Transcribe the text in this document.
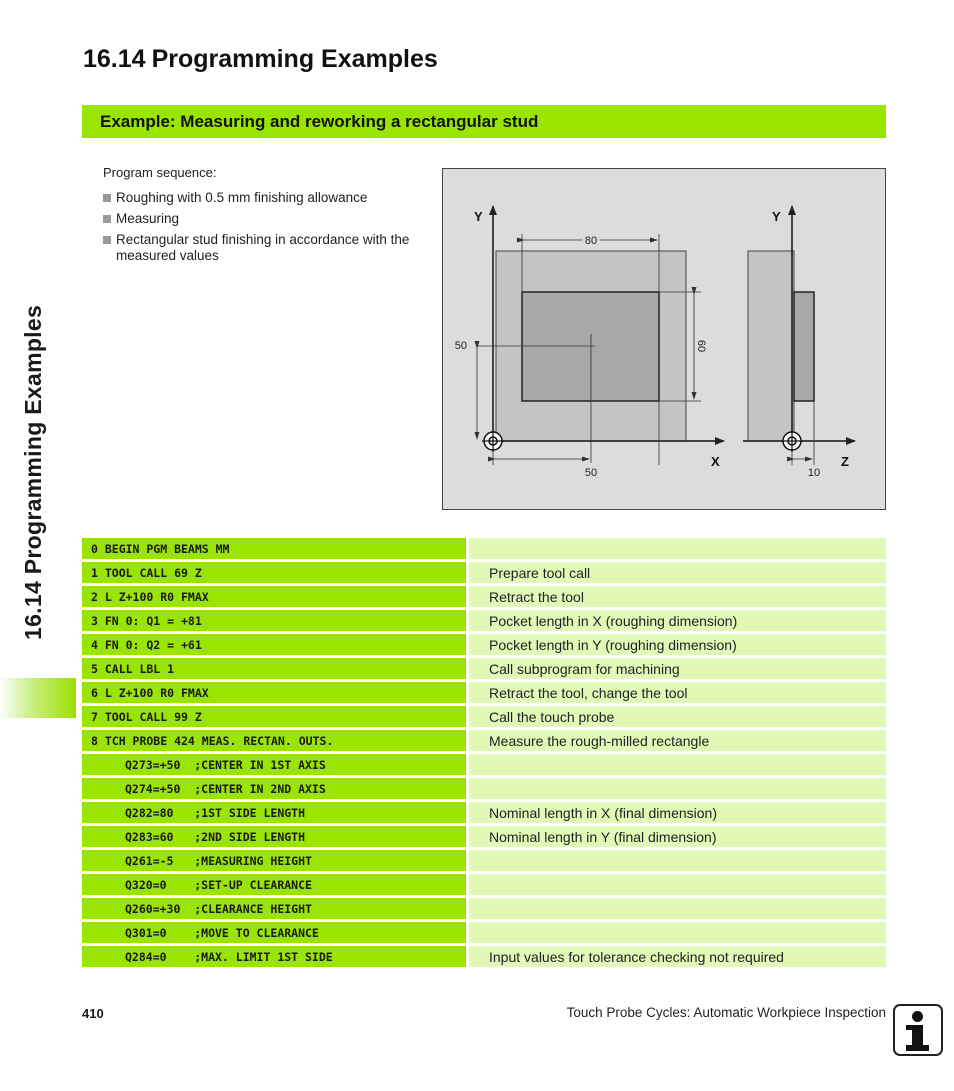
16.14 Programming Examples
16.14 Programming Examples
Example: Measuring and reworking a rectangular stud
Program sequence:
Roughing with 0.5 mm finishing allowance
Measuring
Rectangular stud finishing in accordance with the measured values
80
60
50
50
Y
X
10
Y
Z
0 BEGIN PGM BEAMS MM	
1 TOOL CALL 69 Z	Prepare tool call
2 L Z+100 R0 FMAX	Retract the tool
3 FN 0: Q1 = +81	Pocket length in X (roughing dimension)
4 FN 0: Q2 = +61	Pocket length in Y (roughing dimension)
5 CALL LBL 1	Call subprogram for machining
6 L Z+100 R0 FMAX	Retract the tool, change the tool
7 TOOL CALL 99 Z	Call the touch probe
8 TCH PROBE 424 MEAS. RECTAN. OUTS.	Measure the rough-milled rectangle
Q273=+50  ;CENTER IN 1ST AXIS	
Q274=+50  ;CENTER IN 2ND AXIS	
Q282=80   ;1ST SIDE LENGTH	Nominal length in X (final dimension)
Q283=60   ;2ND SIDE LENGTH	Nominal length in Y (final dimension)
Q261=-5   ;MEASURING HEIGHT	
Q320=0    ;SET-UP CLEARANCE	
Q260=+30  ;CLEARANCE HEIGHT	
Q301=0    ;MOVE TO CLEARANCE	
Q284=0    ;MAX. LIMIT 1ST SIDE	Input values for tolerance checking not required
410	Touch Probe Cycles: Automatic Workpiece Inspection
